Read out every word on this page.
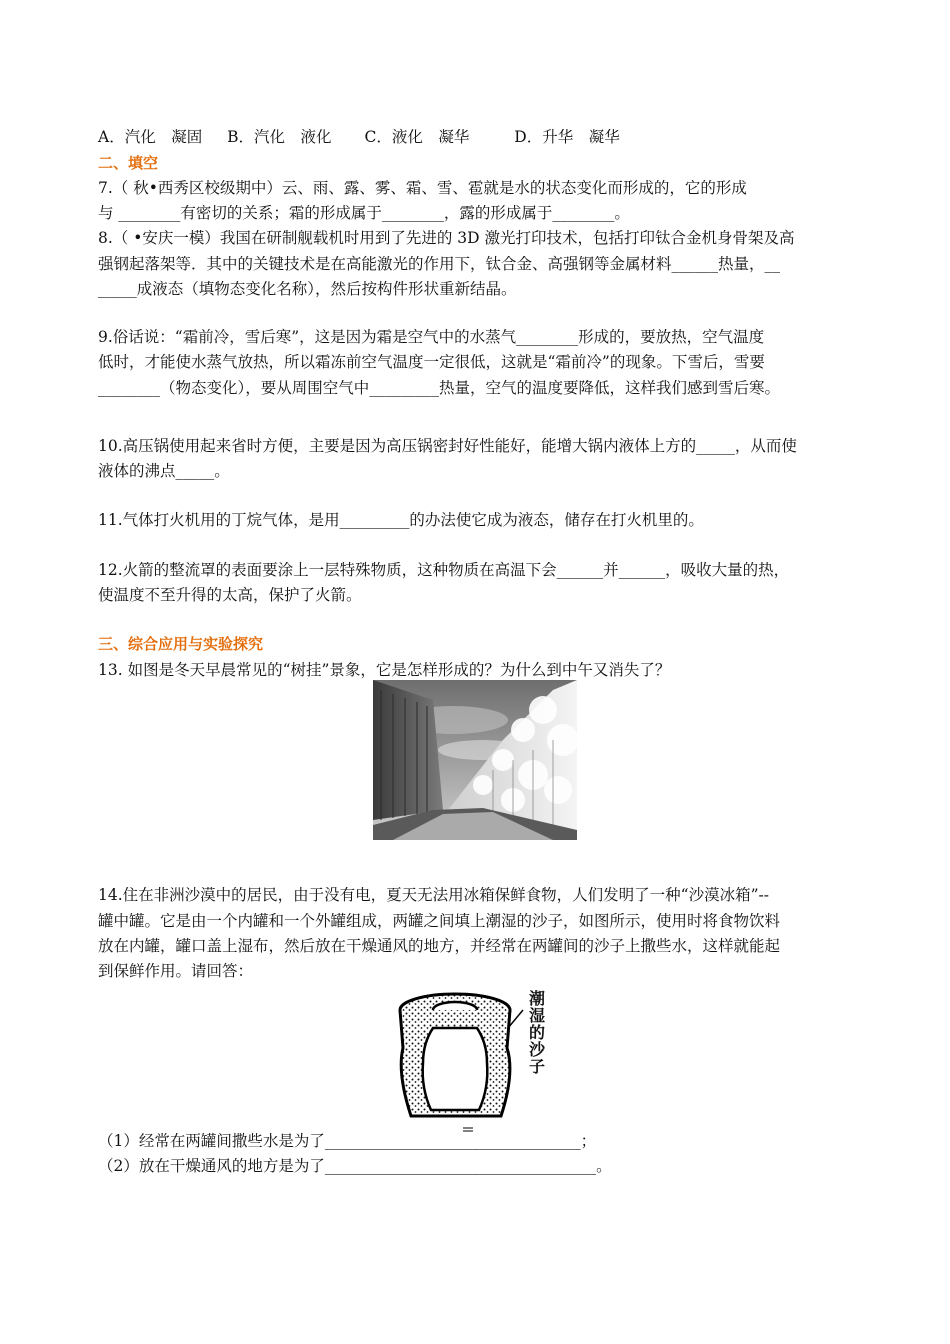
A．汽化　凝固 B．汽化　液化 C．液化　凝华	D．升华　凝华
二、填空
7.（ 秋•西秀区校级期中）云、雨、露、雾、霜、雪、雹就是水的状态变化而形成的，它的形成
与 ________有密切的关系；霜的形成属于________，露的形成属于________。
8.（ •安庆一模）我国在研制舰载机时用到了先进的 3D 激光打印技术，包括打印钛合金机身骨架及高
强钢起落架等．其中的关键技术是在高能激光的作用下，钛合金、高强钢等金属材料______热量，__
_____成液态（填物态变化名称），然后按构件形状重新结晶。
9.俗话说：“霜前冷，雪后寒”，这是因为霜是空气中的水蒸气________形成的，要放热，空气温度
低时，才能使水蒸气放热，所以霜冻前空气温度一定很低，这就是“霜前冷”的现象。下雪后，雪要
________（物态变化），要从周围空气中_________热量，空气的温度要降低，这样我们感到雪后寒。
10.高压锅使用起来省时方便，主要是因为高压锅密封好性能好，能增大锅内液体上方的_____，从而使
液体的沸点_____。
11.气体打火机用的丁烷气体，是用_________的办法使它成为液态，储存在打火机里的。
12.火箭的整流罩的表面要涂上一层特殊物质，这种物质在高温下会______并______，吸收大量的热，
使温度不至升得的太高，保护了火箭。
三、综合应用与实验探究
13. 如图是冬天早晨常见的“树挂”景象，它是怎样形成的？为什么到中午又消失了？
14.住在非洲沙漠中的居民，由于没有电，夏天无法用冰箱保鲜食物，人们发明了一种“沙漠冰箱”--
罐中罐。它是由一个内罐和一个外罐组成，两罐之间填上潮湿的沙子，如图所示，使用时将食物饮料
放在内罐，罐口盖上湿布，然后放在干燥通风的地方，并经常在两罐间的沙子上撒些水，这样就能起
到保鲜作用。请回答：
潮
湿
的
沙
子
（1）经常在两罐间撒些水是为了_________________________________；
（2）放在干燥通风的地方是为了___________________________________。
